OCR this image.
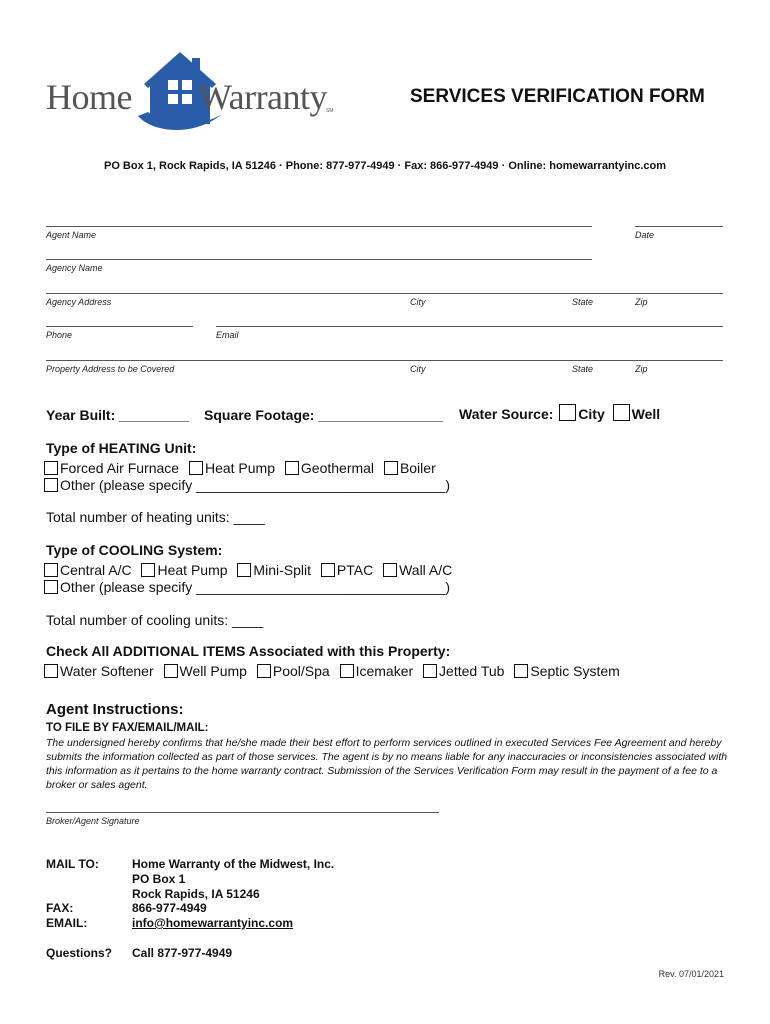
Home Warranty
SM
SERVICES VERIFICATION FORM
PO Box 1, Rock Rapids, IA 51246 · Phone: 877-977-4949 · Fax: 866-977-4949 · Online: homewarrantyinc.com
Agent Name	Date
Agency Name
Agency Address	City	State	Zip
Phone	Email
Property Address to be Covered	City	State	Zip
Year Built: _________ Square Footage: ________________ Water Source: City Well
Type of HEATING Unit:
Forced Air Furnace Heat Pump Geothermal Boiler
Other (please specify ________________________________)
Total number of heating units: ____
Type of COOLING System:
Central A/C Heat Pump Mini-Split PTAC Wall A/C
Other (please specify ________________________________)
Total number of cooling units: ____
Check All ADDITIONAL ITEMS Associated with this Property:
Water Softener Well Pump Pool/Spa Icemaker Jetted Tub Septic System
Agent Instructions:
TO FILE BY FAX/EMAIL/MAIL:
The undersigned hereby confirms that he/she made their best effort to perform services outlined in executed Services Fee Agreement and hereby submits the information collected as part of those services. The agent is by no means liable for any inaccuracies or inconsistencies associated with this information as it pertains to the home warranty contract. Submission of the Services Verification Form may result in the payment of a fee to a broker or sales agent.
Broker/Agent Signature
MAIL TO:	Home Warranty of the Midwest, Inc.
PO Box 1
Rock Rapids, IA 51246
FAX:	866-977-4949
EMAIL:	info@homewarrantyinc.com
Questions? Call 877-977-4949
Rev. 07/01/2021
